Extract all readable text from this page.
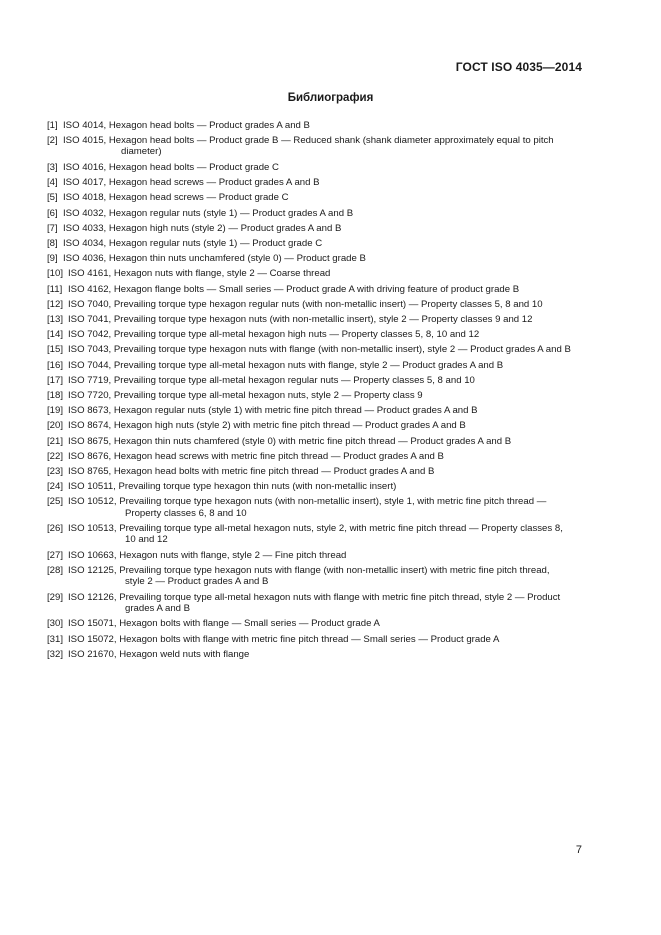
ГОСТ ISO 4035—2014
Библиография
[1] ISO 4014, Hexagon head bolts — Product grades A and B
[2] ISO 4015, Hexagon head bolts — Product grade B — Reduced shank (shank diameter approximately equal to pitch
diameter)
[3] ISO 4016, Hexagon head bolts — Product grade C
[4] ISO 4017, Hexagon head screws — Product grades A and B
[5] ISO 4018, Hexagon head screws — Product grade C
[6] ISO 4032, Hexagon regular nuts (style 1) — Product grades A and B
[7] ISO 4033, Hexagon high nuts (style 2) — Product grades A and B
[8] ISO 4034, Hexagon regular nuts (style 1) — Product grade C
[9] ISO 4036, Hexagon thin nuts unchamfered (style 0) — Product grade B
[10] ISO 4161, Hexagon nuts with flange, style 2 — Coarse thread
[11] ISO 4162, Hexagon flange bolts — Small series — Product grade A with driving feature of product grade B
[12] ISO 7040, Prevailing torque type hexagon regular nuts (with non-metallic insert) — Property classes 5, 8 and 10
[13] ISO 7041, Prevailing torque type hexagon nuts (with non-metallic insert), style 2 — Property classes 9 and 12
[14] ISO 7042, Prevailing torque type all-metal hexagon high nuts — Property classes 5, 8, 10 and 12
[15] ISO 7043, Prevailing torque type hexagon nuts with flange (with non-metallic insert), style 2 — Product grades A and B
[16] ISO 7044, Prevailing torque type all-metal hexagon nuts with flange, style 2 — Product grades A and B
[17] ISO 7719, Prevailing torque type all-metal hexagon regular nuts — Property classes 5, 8 and 10
[18] ISO 7720, Prevailing torque type all-metal hexagon nuts, style 2 — Property class 9
[19] ISO 8673, Hexagon regular nuts (style 1) with metric fine pitch thread — Product grades A and B
[20] ISO 8674, Hexagon high nuts (style 2) with metric fine pitch thread — Product grades A and B
[21] ISO 8675, Hexagon thin nuts chamfered (style 0) with metric fine pitch thread — Product grades A and B
[22] ISO 8676, Hexagon head screws with metric fine pitch thread — Product grades A and B
[23] ISO 8765, Hexagon head bolts with metric fine pitch thread — Product grades A and B
[24] ISO 10511, Prevailing torque type hexagon thin nuts (with non-metallic insert)
[25] ISO 10512, Prevailing torque type hexagon nuts (with non-metallic insert), style 1, with metric fine pitch thread —
Property classes 6, 8 and 10
[26] ISO 10513, Prevailing torque type all-metal hexagon nuts, style 2, with metric fine pitch thread — Property classes 8,
10 and 12
[27] ISO 10663, Hexagon nuts with flange, style 2 — Fine pitch thread
[28] ISO 12125, Prevailing torque type hexagon nuts with flange (with non-metallic insert) with metric fine pitch thread,
style 2 — Product grades A and B
[29] ISO 12126, Prevailing torque type all-metal hexagon nuts with flange with metric fine pitch thread, style 2 — Product
grades A and B
[30] ISO 15071, Hexagon bolts with flange — Small series — Product grade A
[31] ISO 15072, Hexagon bolts with flange with metric fine pitch thread — Small series — Product grade A
[32] ISO 21670, Hexagon weld nuts with flange
7
